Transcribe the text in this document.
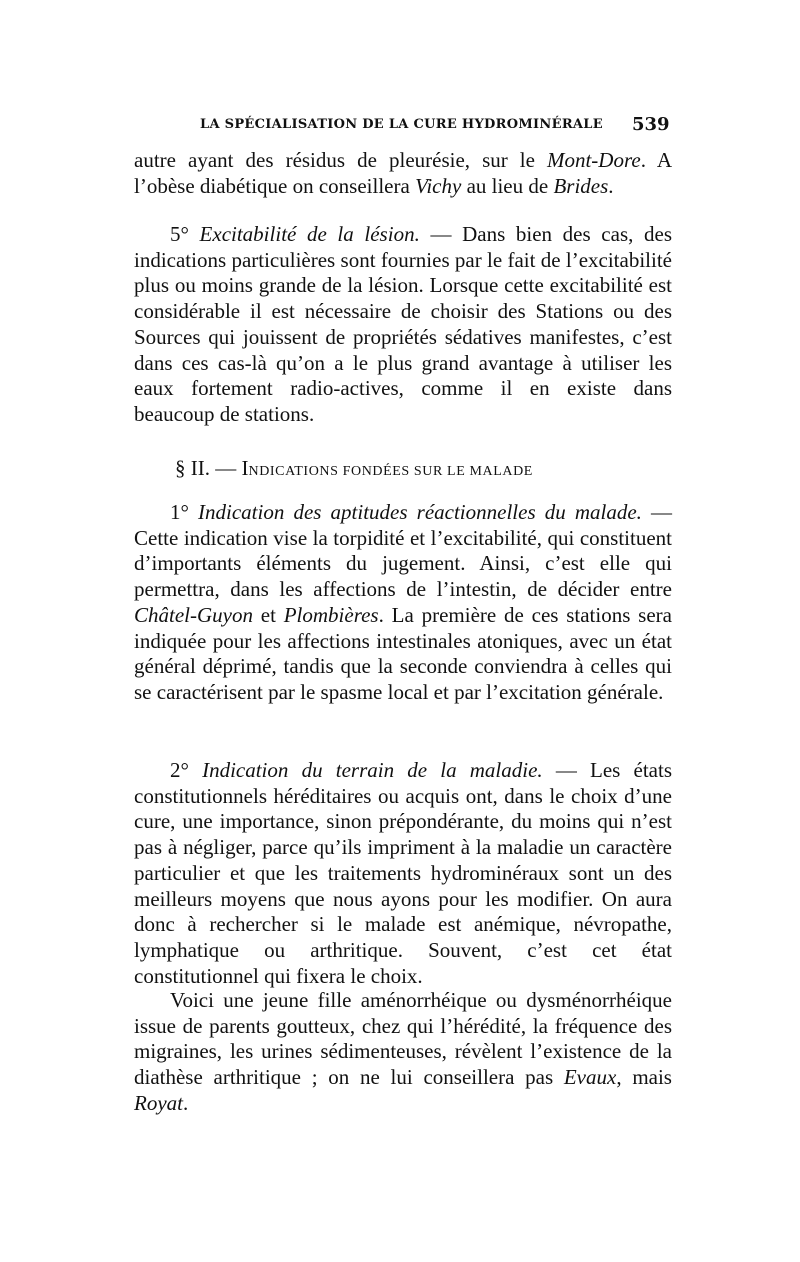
LA SPÉCIALISATION DE LA CURE HYDROMINÉRALE	539

autre ayant des résidus de pleurésie, sur le Mont-Dore. A l’obèse diabétique on conseillera Vichy au lieu de Brides.

5° Excitabilité de la lésion. — Dans bien des cas, des indications particulières sont fournies par le fait de l’excitabilité plus ou moins grande de la lésion. Lorsque cette excitabilité est considérable il est nécessaire de choisir des Stations ou des Sources qui jouissent de propriétés sédatives manifestes, c’est dans ces cas-là qu’on a le plus grand avantage à utiliser les eaux fortement radio-actives, comme il en existe dans beaucoup de stations.

§ II. — INDICATIONS FONDÉES SUR LE MALADE

1° Indication des aptitudes réactionnelles du malade. — Cette indication vise la torpidité et l’excitabilité, qui constituent d’importants éléments du jugement. Ainsi, c’est elle qui permettra, dans les affections de l’intestin, de décider entre Châtel-Guyon et Plombières. La première de ces stations sera indiquée pour les affections intestinales atoniques, avec un état général déprimé, tandis que la seconde conviendra à celles qui se caractérisent par le spasme local et par l’excitation générale.

2° Indication du terrain de la maladie. — Les états constitutionnels héréditaires ou acquis ont, dans le choix d’une cure, une importance, sinon prépondérante, du moins qui n’est pas à négliger, parce qu’ils impriment à la maladie un caractère particulier et que les traitements hydrominéraux sont un des meilleurs moyens que nous ayons pour les modifier. On aura donc à rechercher si le malade est anémique, névropathe, lymphatique ou arthritique. Souvent, c’est cet état constitutionnel qui fixera le choix.

Voici une jeune fille aménorrhéique ou dysménorrhéique issue de parents goutteux, chez qui l’hérédité, la fréquence des migraines, les urines sédimenteuses, révèlent l’existence de la diathèse arthritique ; on ne lui conseillera pas Evaux, mais Royat.
